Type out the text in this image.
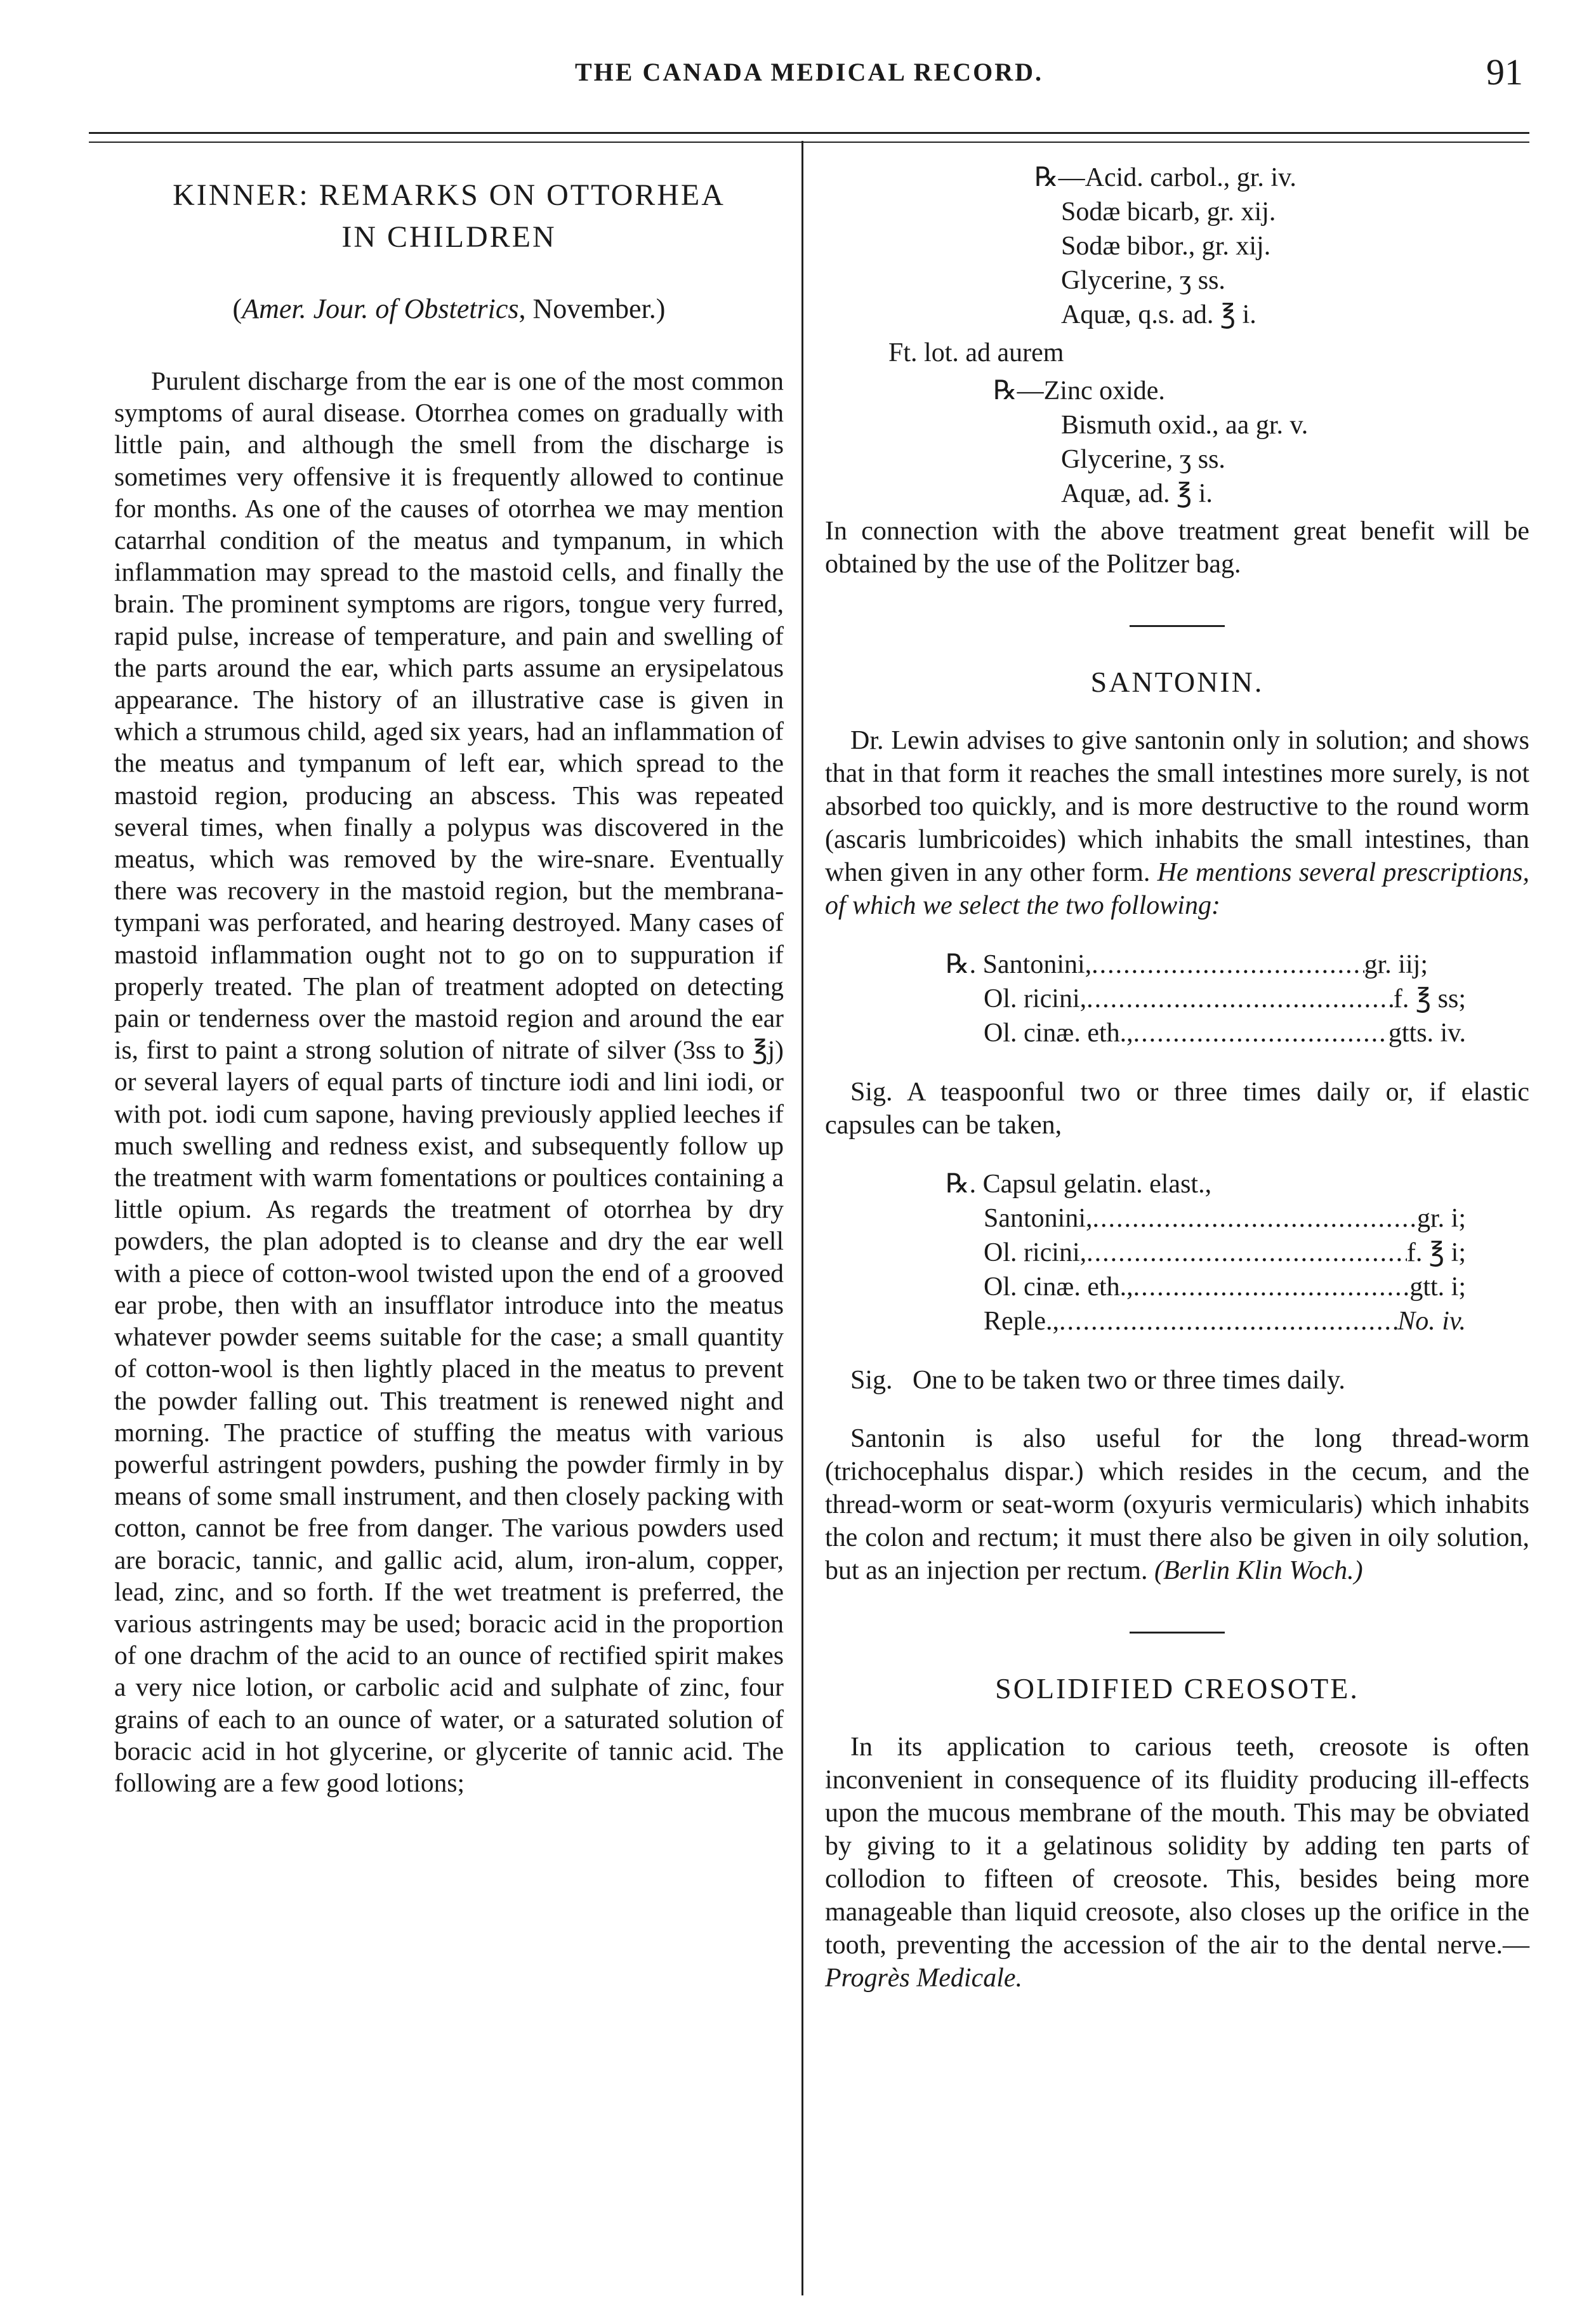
THE CANADA MEDICAL RECORD.	91
KINNER: REMARKS ON OTTORHEA
IN CHILDREN

(Amer. Jour. of Obstetrics, November.)

Purulent discharge from the ear is one of the most common symptoms of aural disease. Otorrhea comes on gradually with little pain, and although the smell from the discharge is sometimes very offensive it is frequently allowed to continue for months. As one of the causes of otorrhea we may mention catarrhal condition of the meatus and tympanum, in which inflammation may spread to the mastoid cells, and finally the brain. The prominent symptoms are rigors, tongue very furred, rapid pulse, increase of temperature, and pain and swelling of the parts around the ear, which parts assume an erysipelatous appearance. The history of an illustrative case is given in which a strumous child, aged six years, had an inflammation of the meatus and tympanum of left ear, which spread to the mastoid region, producing an abscess. This was repeated several times, when finally a polypus was discovered in the meatus, which was removed by the wire-snare. Eventually there was recovery in the mastoid region, but the membrana-tympani was perforated, and hearing destroyed. Many cases of mastoid inflammation ought not to go on to suppuration if properly treated. The plan of treatment adopted on detecting pain or tenderness over the mastoid region and around the ear is, first to paint a strong solution of nitrate of silver (3ss to ℥j) or several layers of equal parts of tincture iodi and lini iodi, or with pot. iodi cum sapone, having previously applied leeches if much swelling and redness exist, and subsequently follow up the treatment with warm fomentations or poultices containing a little opium. As regards the treatment of otorrhea by dry powders, the plan adopted is to cleanse and dry the ear well with a piece of cotton-wool twisted upon the end of a grooved ear probe, then with an insufflator introduce into the meatus whatever powder seems suitable for the case; a small quantity of cotton-wool is then lightly placed in the meatus to prevent the powder falling out. This treatment is renewed night and morning. The practice of stuffing the meatus with various powerful astringent powders, pushing the powder firmly in by means of some small instrument, and then closely packing with cotton, cannot be free from danger. The various powders used are boracic, tannic, and gallic acid, alum, iron-alum, copper, lead, zinc, and so forth. If the wet treatment is preferred, the various astringents may be used; boracic acid in the proportion of one drachm of the acid to an ounce of rectified spirit makes a very nice lotion, or carbolic acid and sulphate of zinc, four grains of each to an ounce of water, or a saturated solution of boracic acid in hot glycerine, or glycerite of tannic acid. The following are a few good lotions;

℞—Acid. carbol., gr. iv.
Sodæ bicarb, gr. xij.
Sodæ bibor., gr. xij.
Glycerine, ʒ ss.
Aquæ, q.s. ad. ℥ i.
Ft. lot. ad aurem
℞—Zinc oxide.
Bismuth oxid., aa gr. v.
Glycerine, ʒ ss.
Aquæ, ad. ℥ i.

In connection with the above treatment great benefit will be obtained by the use of the Politzer bag.

SANTONIN.

Dr. Lewin advises to give santonin only in solution; and shows that in that form it reaches the small intestines more surely, is not absorbed too quickly, and is more destructive to the round worm (ascaris lumbricoides) which inhabits the small intestines, than when given in any other form. He mentions several prescriptions, of which we select the two following:

℞. Santonini, .....	gr. iij;
Ol. ricini, .....	f. ℥ ss;
Ol. cinæ. eth., .....	gtts. iv.

Sig. A teaspoonful two or three times daily or, if elastic capsules can be taken,

℞. Capsul gelatin. elast.,
Santonini, .....	gr. i;
Ol. ricini, .....	f. ℥ i;
Ol. cinæ. eth., .....	gtt. i;
Reple., .....	No. iv.

Sig. One to be taken two or three times daily.

Santonin is also useful for the long thread-worm (trichocephalus dispar.) which resides in the cecum, and the thread-worm or seat-worm (oxyuris vermicularis) which inhabits the colon and rectum; it must there also be given in oily solution, but as an injection per rectum. (Berlin Klin Woch.)

SOLIDIFIED CREOSOTE.

In its application to carious teeth, creosote is often inconvenient in consequence of its fluidity producing ill-effects upon the mucous membrane of the mouth. This may be obviated by giving to it a gelatinous solidity by adding ten parts of collodion to fifteen of creosote. This, besides being more manageable than liquid creosote, also closes up the orifice in the tooth, preventing the accession of the air to the dental nerve.—Progrès Medicale.
